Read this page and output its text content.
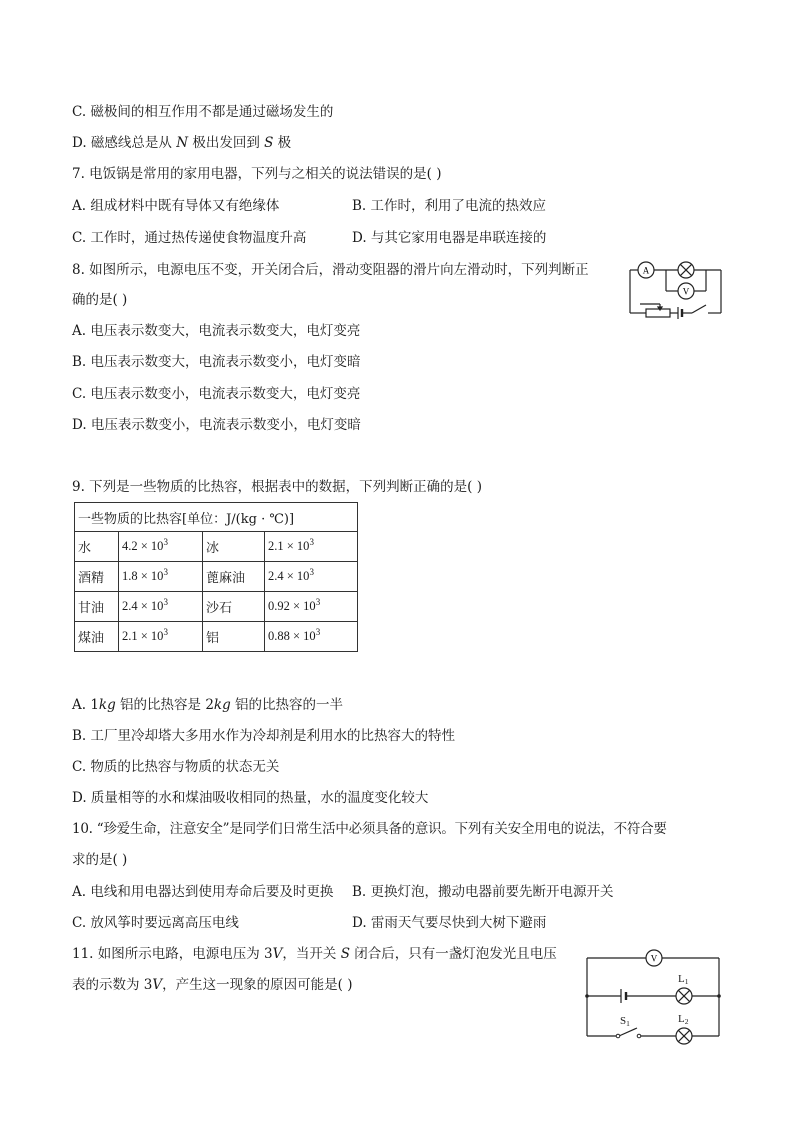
C. 磁极间的相互作用不都是通过磁场发生的
D. 磁感线总是从 N 极出发回到 S 极
7. 电饭锅是常用的家用电器，下列与之相关的说法错误的是( )
A. 组成材料中既有导体又有绝缘体	B. 工作时，利用了电流的热效应
C. 工作时，通过热传递使食物温度升高	D. 与其它家用电器是串联连接的
8. 如图所示，电源电压不变，开关闭合后，滑动变阻器的滑片向左滑动时，下列判断正
确的是( )
A. 电压表示数变大，电流表示数变大，电灯变亮
B. 电压表示数变大，电流表示数变小，电灯变暗
C. 电压表示数变小，电流表示数变大，电灯变亮
D. 电压表示数变小，电流表示数变小，电灯变暗
A
V
9. 下列是一些物质的比热容，根据表中的数据，下列判断正确的是( )
一些物质的比热容[单位：J/(kg · ℃)]			
水	$4.2 \times 10^3$	冰	$2.1 \times 10^3$
酒精	$1.8 \times 10^3$	蓖麻油	$2.4 \times 10^3$
甘油	$2.4 \times 10^3$	沙石	$0.92 \times 10^3$
煤油	$2.1 \times 10^3$	铝	$0.88 \times 10^3$
A. 1kg 铝的比热容是 2kg 铝的比热容的一半
B. 工厂里冷却塔大多用水作为冷却剂是利用水的比热容大的特性
C. 物质的比热容与物质的状态无关
D. 质量相等的水和煤油吸收相同的热量，水的温度变化较大
10. “珍爱生命，注意安全”是同学们日常生活中必须具备的意识。下列有关安全用电的说法，不符合要
求的是( )
A. 电线和用电器达到使用寿命后要及时更换 B. 更换灯泡，搬动电器前要先断开电源开关
C. 放风筝时要远离高压电线	D. 雷雨天气要尽快到大树下避雨
11. 如图所示电路，电源电压为 3V，当开关 S 闭合后，只有一盏灯泡发光且电压
表的示数为 3V，产生这一现象的原因可能是( )
V
L1
L2
S1
